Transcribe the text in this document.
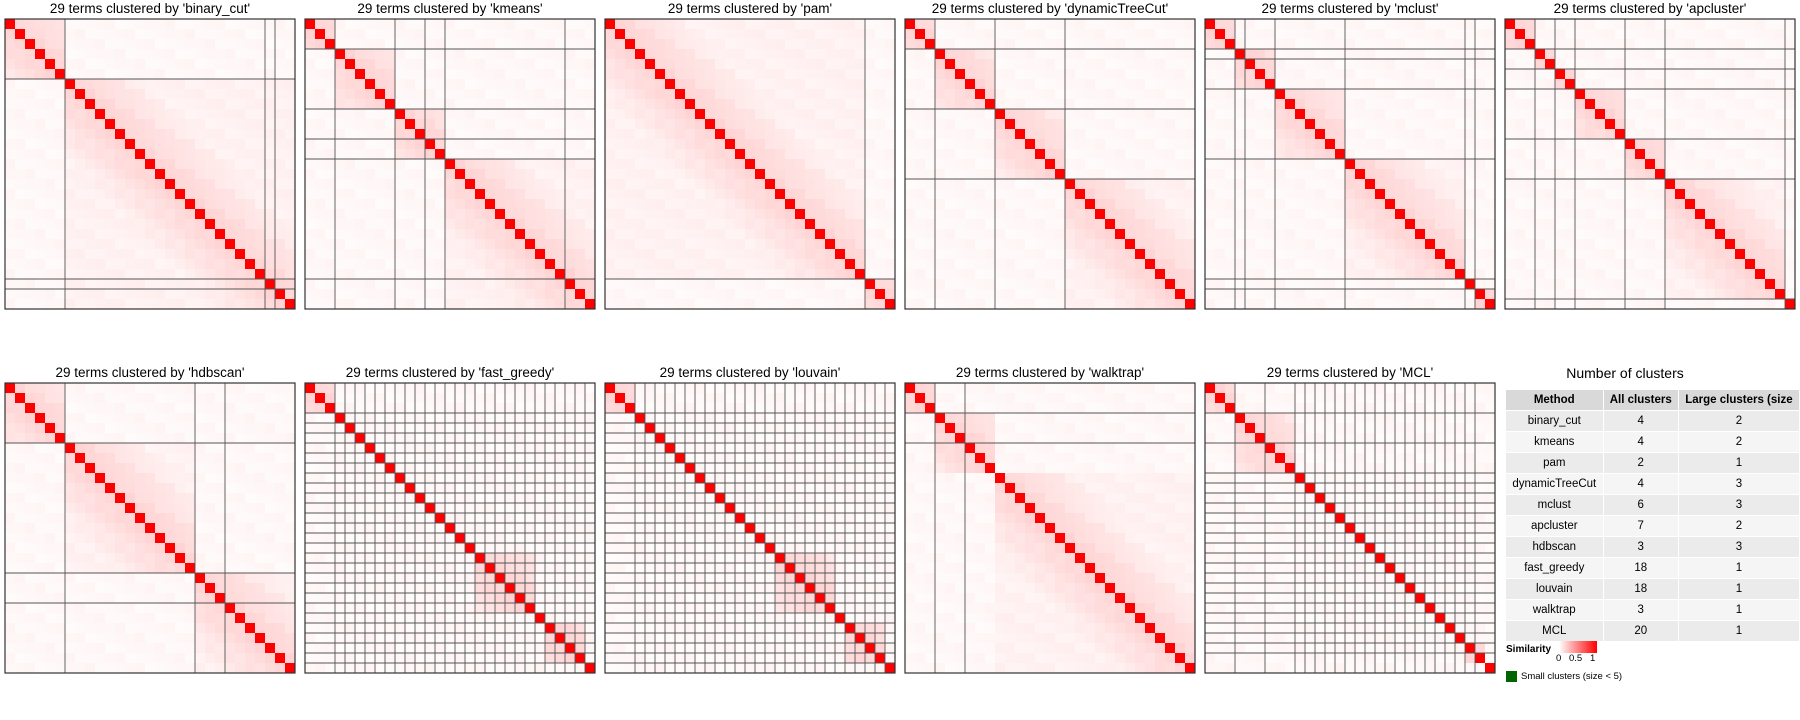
29 terms clustered by 'binary_cut'	29 terms clustered by 'kmeans'	29 terms clustered by 'pam'	29 terms clustered by 'dynamicTreeCut'	29 terms clustered by 'mclust'	29 terms clustered by 'apcluster'
29 terms clustered by 'hdbscan'	29 terms clustered by 'fast_greedy'	29 terms clustered by 'louvain'	29 terms clustered by 'walktrap'	29 terms clustered by 'MCL'	Number of clusters
Method	All clusters	Large clusters (size
binary_cut	4	2
kmeans	4	2
pam	2	1
dynamicTreeCut	4	3
mclust	6	3
apcluster	7	2
hdbscan	3	3
fast_greedy	18	1
louvain	18	1
walktrap	3	1
MCL	20	1
Similarity
0 0.5 1
Small clusters (size < 5)
